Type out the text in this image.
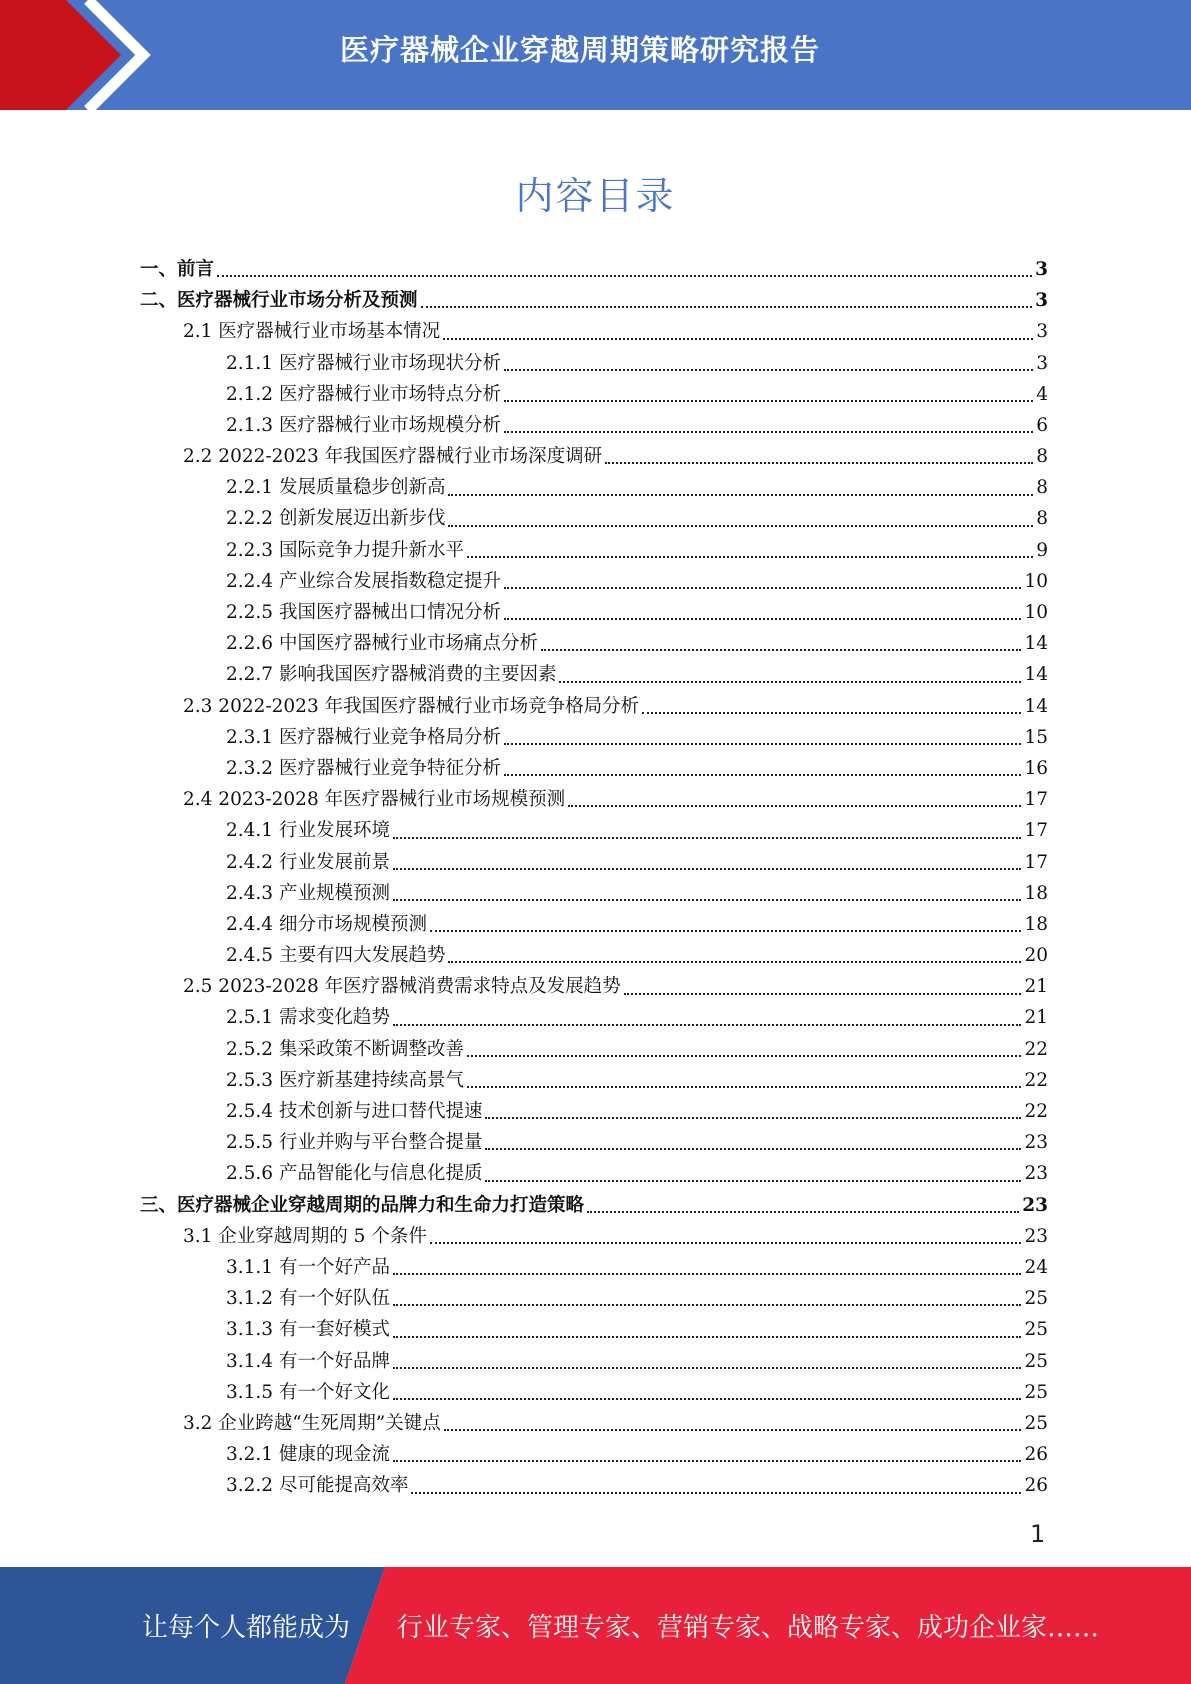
医疗器械企业穿越周期策略研究报告
内容目录
一、前言	3
二、医疗器械行业市场分析及预测	3
2.1 医疗器械行业市场基本情况	3
2.1.1 医疗器械行业市场现状分析	3
2.1.2 医疗器械行业市场特点分析	4
2.1.3 医疗器械行业市场规模分析	6
2.2 2022-2023 年我国医疗器械行业市场深度调研	8
2.2.1 发展质量稳步创新高	8
2.2.2 创新发展迈出新步伐	8
2.2.3 国际竞争力提升新水平	9
2.2.4 产业综合发展指数稳定提升	10
2.2.5 我国医疗器械出口情况分析	10
2.2.6 中国医疗器械行业市场痛点分析	14
2.2.7 影响我国医疗器械消费的主要因素	14
2.3 2022-2023 年我国医疗器械行业市场竞争格局分析	14
2.3.1 医疗器械行业竞争格局分析	15
2.3.2 医疗器械行业竞争特征分析	16
2.4 2023-2028 年医疗器械行业市场规模预测	17
2.4.1 行业发展环境	17
2.4.2 行业发展前景	17
2.4.3 产业规模预测	18
2.4.4 细分市场规模预测	18
2.4.5 主要有四大发展趋势	20
2.5 2023-2028 年医疗器械消费需求特点及发展趋势	21
2.5.1 需求变化趋势	21
2.5.2 集采政策不断调整改善	22
2.5.3 医疗新基建持续高景气	22
2.5.4 技术创新与进口替代提速	22
2.5.5 行业并购与平台整合提量	23
2.5.6 产品智能化与信息化提质	23
三、医疗器械企业穿越周期的品牌力和生命力打造策略	23
3.1 企业穿越周期的 5 个条件	23
3.1.1 有一个好产品	24
3.1.2 有一个好队伍	25
3.1.3 有一套好模式	25
3.1.4 有一个好品牌	25
3.1.5 有一个好文化	25
3.2 企业跨越“生死周期”关键点	25
3.2.1 健康的现金流	26
3.2.2 尽可能提高效率	26
1
让每个人都能成为 行业专家、管理专家、营销专家、战略专家、成功企业家……
